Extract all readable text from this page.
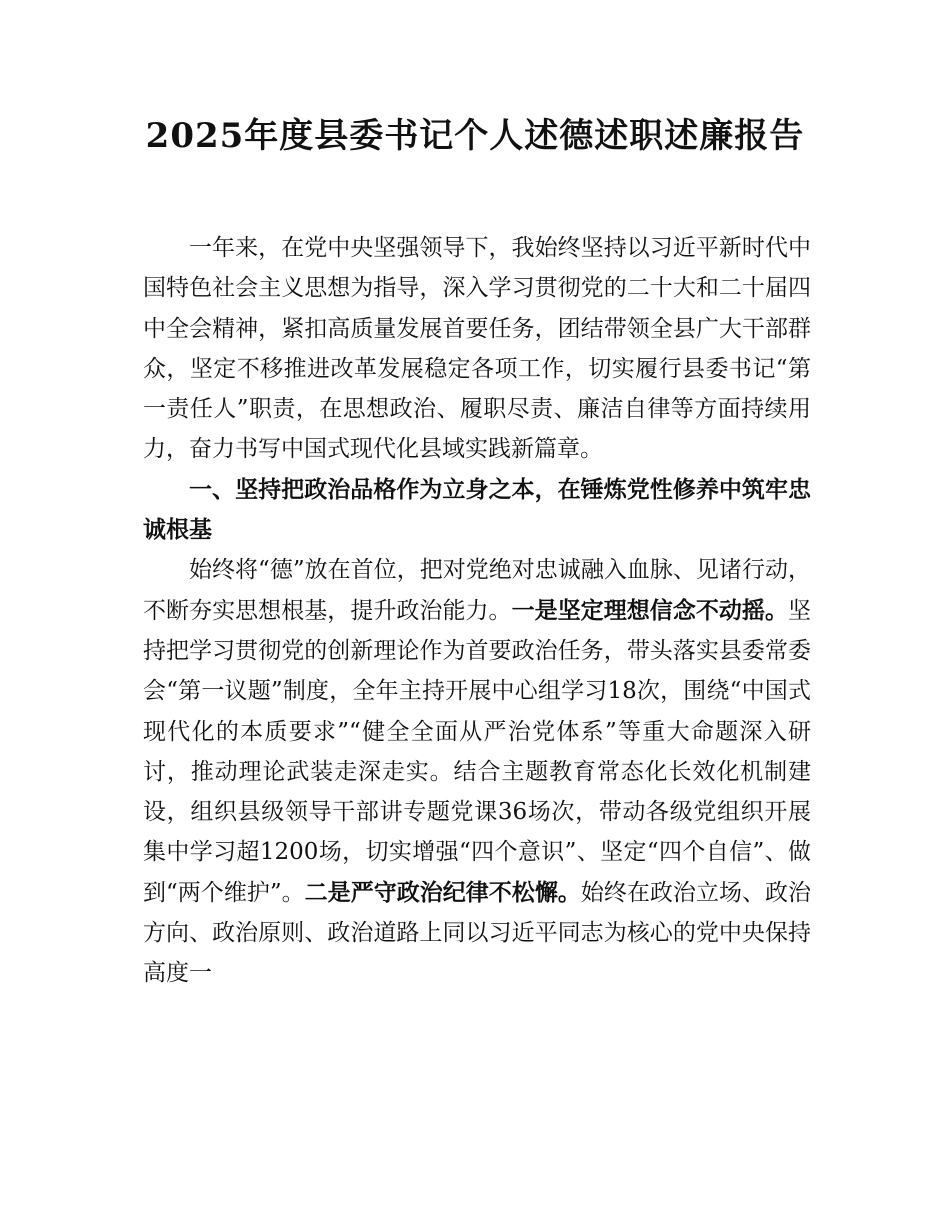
2025年度县委书记个人述德述职述廉报告

一年来，在党中央坚强领导下，我始终坚持以习近平新时代中国特色社会主义思想为指导，深入学习贯彻党的二十大和二十届四中全会精神，紧扣高质量发展首要任务，团结带领全县广大干部群众，坚定不移推进改革发展稳定各项工作，切实履行县委书记“第一责任人”职责，在思想政治、履职尽责、廉洁自律等方面持续用力，奋力书写中国式现代化县域实践新篇章。

一、坚持把政治品格作为立身之本，在锤炼党性修养中筑牢忠诚根基

始终将“德”放在首位，把对党绝对忠诚融入血脉、见诸行动，不断夯实思想根基，提升政治能力。一是坚定理想信念不动摇。坚持把学习贯彻党的创新理论作为首要政治任务，带头落实县委常委会“第一议题”制度，全年主持开展中心组学习18次，围绕“中国式现代化的本质要求”“健全全面从严治党体系”等重大命题深入研讨，推动理论武装走深走实。结合主题教育常态化长效化机制建设，组织县级领导干部讲专题党课36场次，带动各级党组织开展集中学习超1200场，切实增强“四个意识”、坚定“四个自信”、做到“两个维护”。二是严守政治纪律不松懈。始终在政治立场、政治方向、政治原则、政治道路上同以习近平同志为核心的党中央保持高度一
